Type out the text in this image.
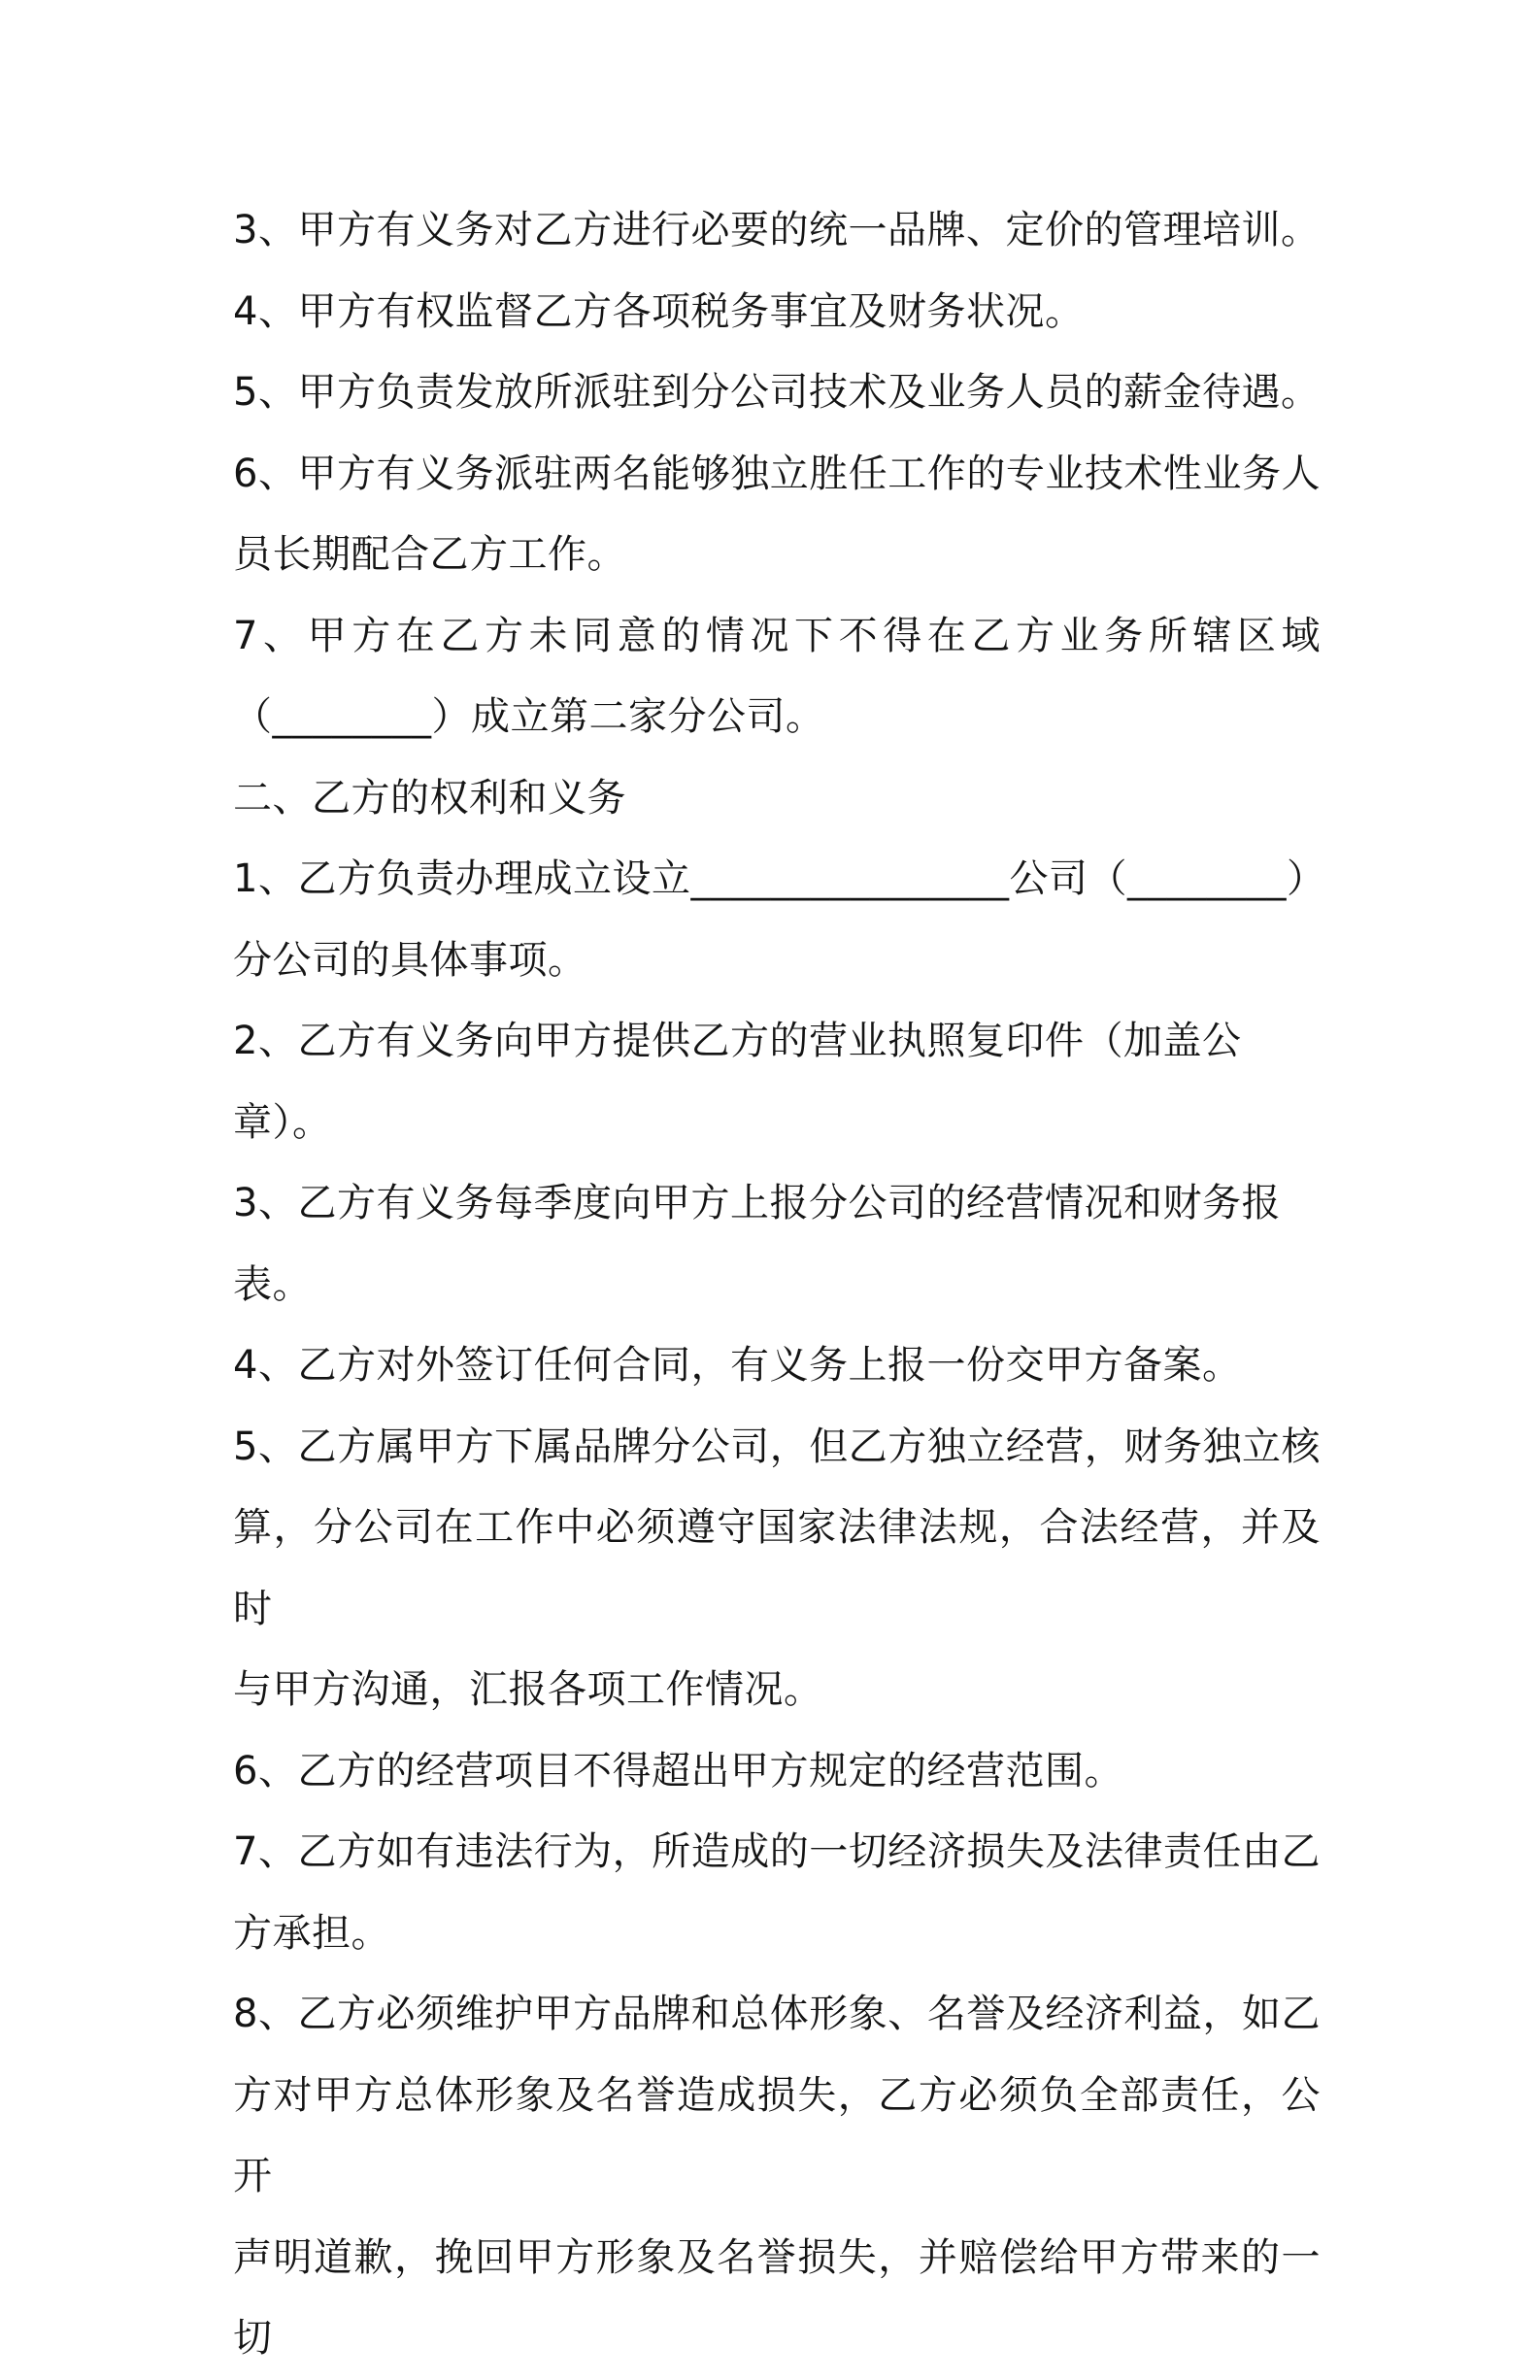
3、甲方有义务对乙方进行必要的统一品牌、定价的管理培训。

4、甲方有权监督乙方各项税务事宜及财务状况。

5、甲方负责发放所派驻到分公司技术及业务人员的薪金待遇。

6、甲方有义务派驻两名能够独立胜任工作的专业技术性业务人

员长期配合乙方工作。

7、甲方在乙方未同意的情况下不得在乙方业务所辖区域

（________）成立第二家分公司。

二、乙方的权利和义务

1、乙方负责办理成立设立________________公司（________）

分公司的具体事项。

2、乙方有义务向甲方提供乙方的营业执照复印件（加盖公章）。

3、乙方有义务每季度向甲方上报分公司的经营情况和财务报表。

4、乙方对外签订任何合同，有义务上报一份交甲方备案。

5、乙方属甲方下属品牌分公司，但乙方独立经营，财务独立核

算，分公司在工作中必须遵守国家法律法规，合法经营，并及时

与甲方沟通，汇报各项工作情况。

6、乙方的经营项目不得超出甲方规定的经营范围。

7、乙方如有违法行为，所造成的一切经济损失及法律责任由乙

方承担。

8、乙方必须维护甲方品牌和总体形象、名誉及经济利益，如乙

方对甲方总体形象及名誉造成损失，乙方必须负全部责任，公开

声明道歉，挽回甲方形象及名誉损失，并赔偿给甲方带来的一切
